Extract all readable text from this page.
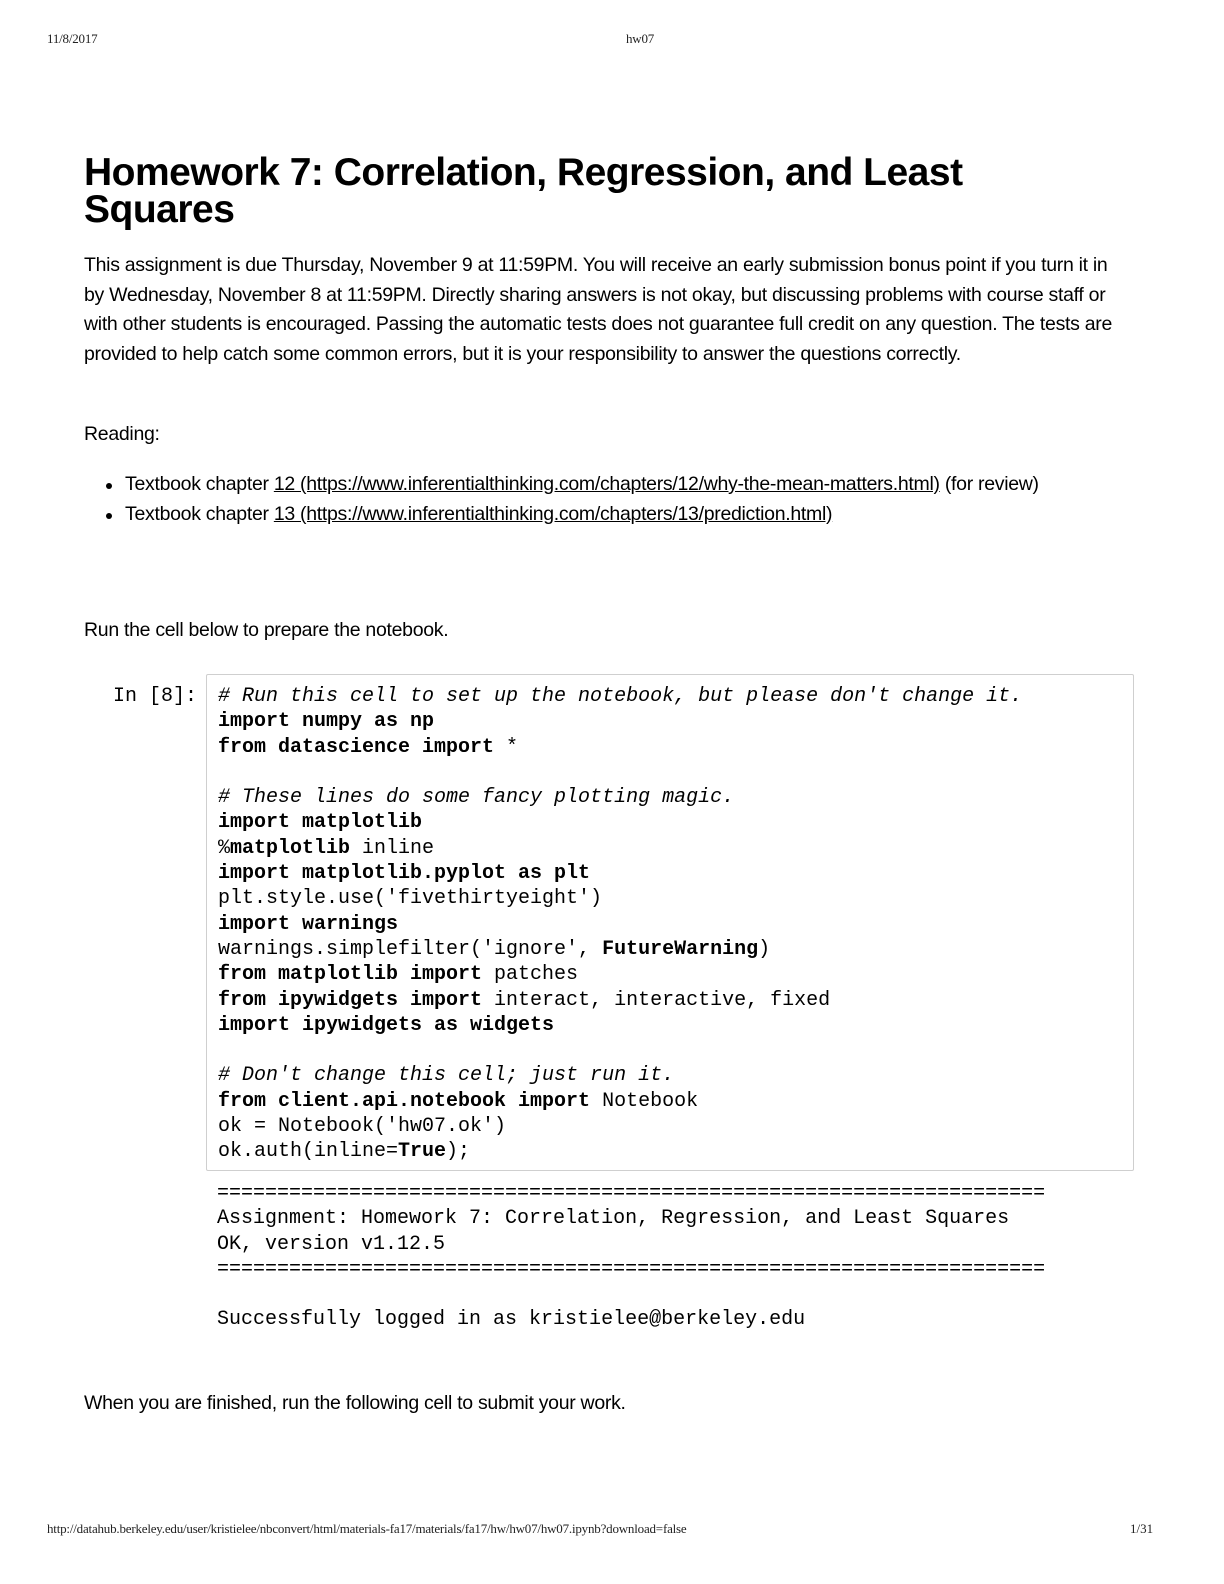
11/8/2017	hw07
Homework 7: Correlation, Regression, and Least Squares

This assignment is due Thursday, November 9 at 11:59PM. You will receive an early submission bonus point if you turn it in by Wednesday, November 8 at 11:59PM. Directly sharing answers is not okay, but discussing problems with course staff or with other students is encouraged. Passing the automatic tests does not guarantee full credit on any question. The tests are provided to help catch some common errors, but it is your responsibility to answer the questions correctly.

Reading:

Textbook chapter 12 (https://www.inferentialthinking.com/chapters/12/why-the-mean-matters.html) (for review)
Textbook chapter 13 (https://www.inferentialthinking.com/chapters/13/prediction.html)

Run the cell below to prepare the notebook.

In [8]: # Run this cell to set up the notebook, but please don't change it.
import numpy as np
from datascience import *
# These lines do some fancy plotting magic.
import matplotlib
%matplotlib inline
import matplotlib.pyplot as plt
plt.style.use('fivethirtyeight')
import warnings
warnings.simplefilter('ignore', FutureWarning)
from matplotlib import patches
from ipywidgets import interact, interactive, fixed
import ipywidgets as widgets
# Don't change this cell; just run it.
from client.api.notebook import Notebook
ok = Notebook('hw07.ok')
ok.auth(inline=True);
=====================================================================
Assignment: Homework 7: Correlation, Regression, and Least Squares
OK, version v1.12.5
=====================================================================
Successfully logged in as kristielee@berkeley.edu

When you are finished, run the following cell to submit your work.

http://datahub.berkeley.edu/user/kristielee/nbconvert/html/materials-fa17/materials/fa17/hw/hw07/hw07.ipynb?download=false	1/31
